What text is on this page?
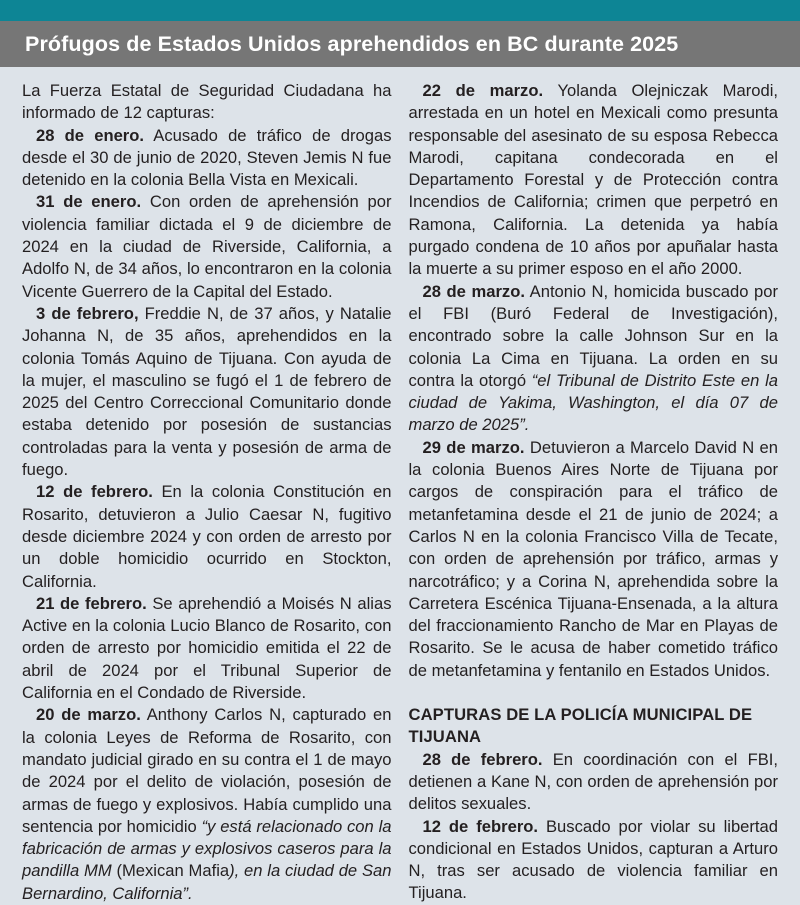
Prófugos de Estados Unidos aprehendidos en BC durante 2025

La Fuerza Estatal de Seguridad Ciudadana ha informado de 12 capturas:

28 de enero. Acusado de tráfico de drogas desde el 30 de junio de 2020, Steven Jemis N fue detenido en la colonia Bella Vista en Mexicali.

31 de enero. Con orden de aprehensión por violencia familiar dictada el 9 de diciembre de 2024 en la ciudad de Riverside, California, a Adolfo N, de 34 años, lo encontraron en la colonia Vicente Guerrero de la Capital del Estado.

3 de febrero, Freddie N, de 37 años, y Natalie Johanna N, de 35 años, aprehendidos en la colonia Tomás Aquino de Tijuana. Con ayuda de la mujer, el masculino se fugó el 1 de febrero de 2025 del Centro Correccional Comunitario donde estaba detenido por posesión de sustancias controladas para la venta y posesión de arma de fuego.

12 de febrero. En la colonia Constitución en Rosarito, detuvieron a Julio Caesar N, fugitivo desde diciembre 2024 y con orden de arresto por un doble homicidio ocurrido en Stockton, California.

21 de febrero. Se aprehendió a Moisés N alias Active en la colonia Lucio Blanco de Rosarito, con orden de arresto por homicidio emitida el 22 de abril de 2024 por el Tribunal Superior de California en el Condado de Riverside.

20 de marzo. Anthony Carlos N, capturado en la colonia Leyes de Reforma de Rosarito, con mandato judicial girado en su contra el 1 de mayo de 2024 por el delito de violación, posesión de armas de fuego y explosivos. Había cumplido una sentencia por homicidio “y está relacionado con la fabricación de armas y explosivos caseros para la pandilla MM (Mexican Mafia), en la ciudad de San Bernardino, California”.

22 de marzo. Yolanda Olejniczak Marodi, arrestada en un hotel en Mexicali como presunta responsable del asesinato de su esposa Rebecca Marodi, capitana condecorada en el Departamento Forestal y de Protección contra Incendios de California; crimen que perpetró en Ramona, California. La detenida ya había purgado condena de 10 años por apuñalar hasta la muerte a su primer esposo en el año 2000.

28 de marzo. Antonio N, homicida buscado por el FBI (Buró Federal de Investigación), encontrado sobre la calle Johnson Sur en la colonia La Cima en Tijuana. La orden en su contra la otorgó “el Tribunal de Distrito Este en la ciudad de Yakima, Washington, el día 07 de marzo de 2025”.

29 de marzo. Detuvieron a Marcelo David N en la colonia Buenos Aires Norte de Tijuana por cargos de conspiración para el tráfico de metanfetamina desde el 21 de junio de 2024; a Carlos N en la colonia Francisco Villa de Tecate, con orden de aprehensión por tráfico, armas y narcotráfico; y a Corina N, aprehendida sobre la Carretera Escénica Tijuana-Ensenada, a la altura del fraccionamiento Rancho de Mar en Playas de Rosarito. Se le acusa de haber cometido tráfico de metanfetamina y fentanilo en Estados Unidos.

CAPTURAS DE LA POLICÍA MUNICIPAL DE TIJUANA

28 de febrero. En coordinación con el FBI, detienen a Kane N, con orden de aprehensión por delitos sexuales.

12 de febrero. Buscado por violar su libertad condicional en Estados Unidos, capturan a Arturo N, tras ser acusado de violencia familiar en Tijuana.
